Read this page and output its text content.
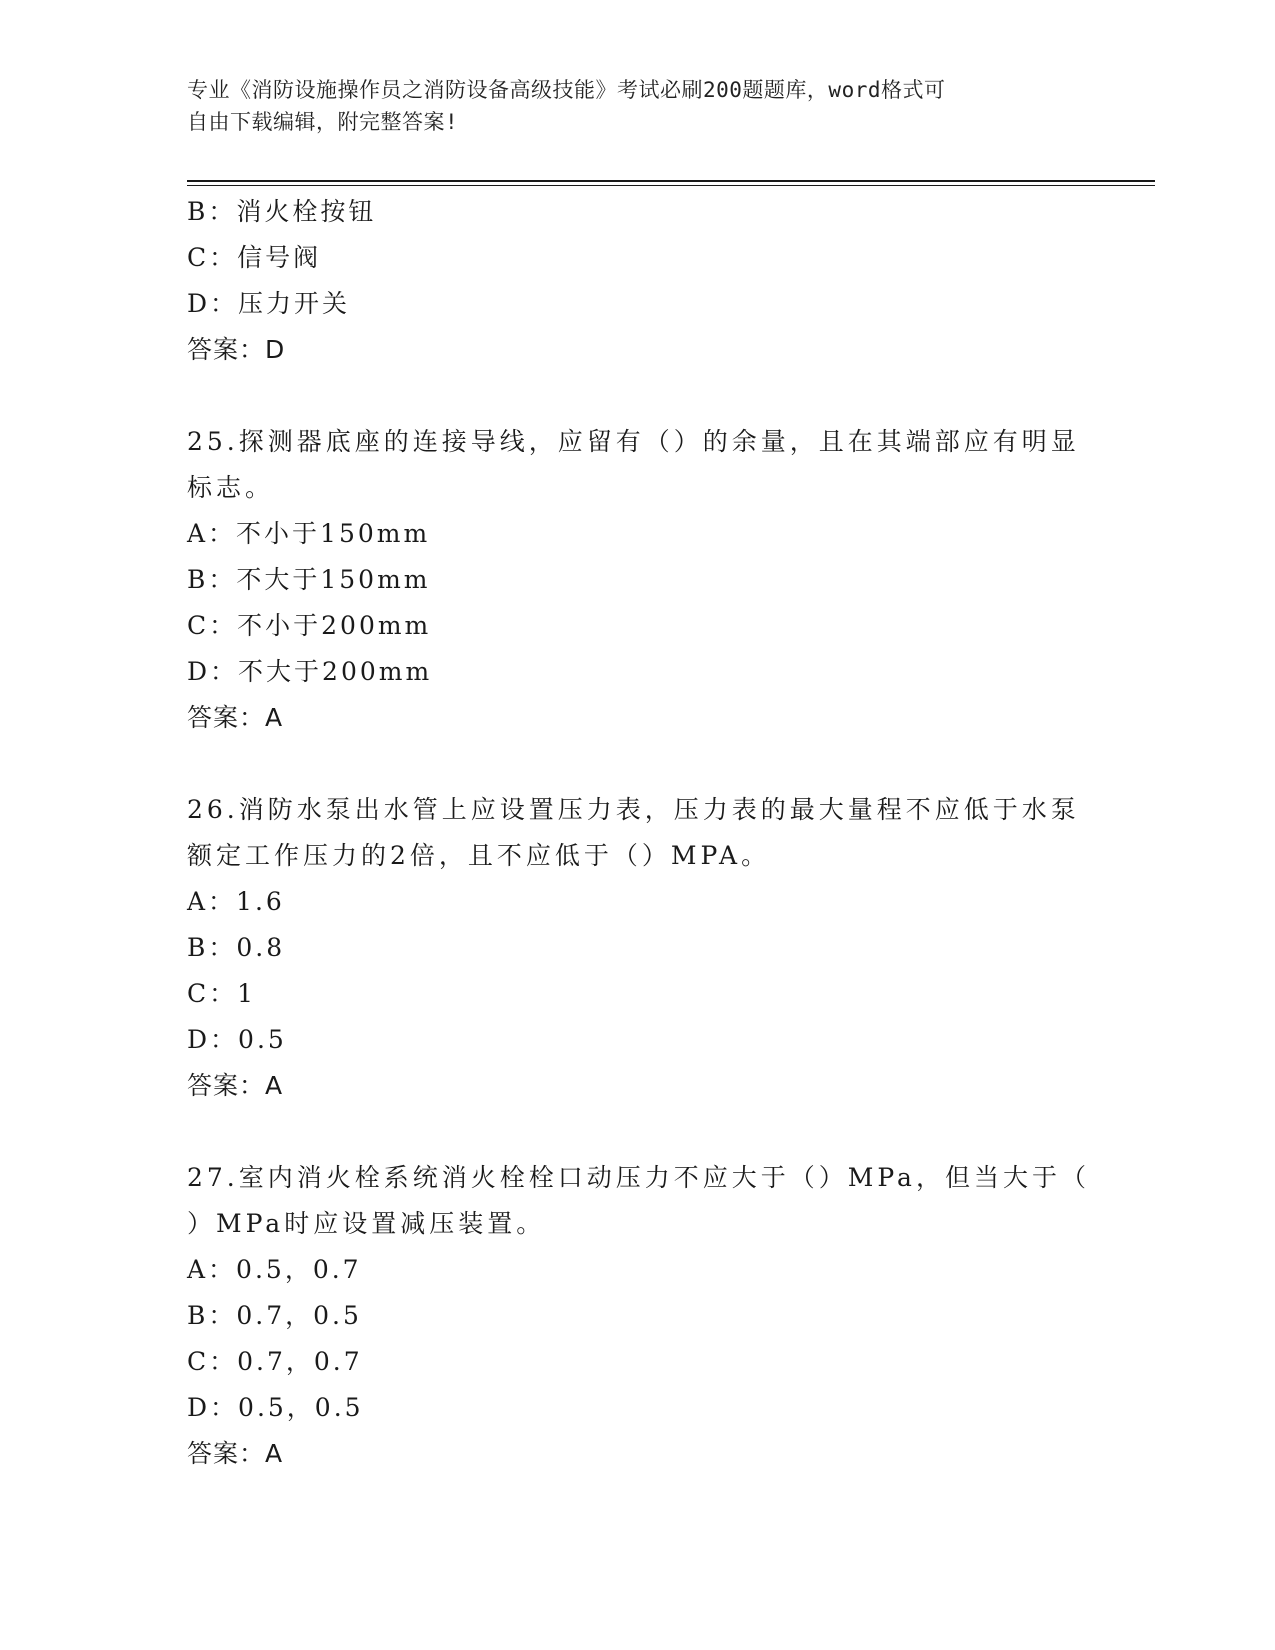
专业《消防设施操作员之消防设备高级技能》考试必刷200题题库，word格式可
自由下载编辑，附完整答案!
B：消火栓按钮
C：信号阀
D：压力开关
答案：D
25.探测器底座的连接导线，应留有（）的余量，且在其端部应有明显
标志。
A：不小于150mm
B：不大于150mm
C：不小于200mm
D：不大于200mm
答案：A
26.消防水泵出水管上应设置压力表，压力表的最大量程不应低于水泵
额定工作压力的2倍，且不应低于（）MPA。
A：1.6
B：0.8
C：1
D：0.5
答案：A
27.室内消火栓系统消火栓栓口动压力不应大于（）MPa，但当大于（
）MPa时应设置减压装置。
A：0.5，0.7
B：0.7，0.5
C：0.7，0.7
D：0.5，0.5
答案：A
